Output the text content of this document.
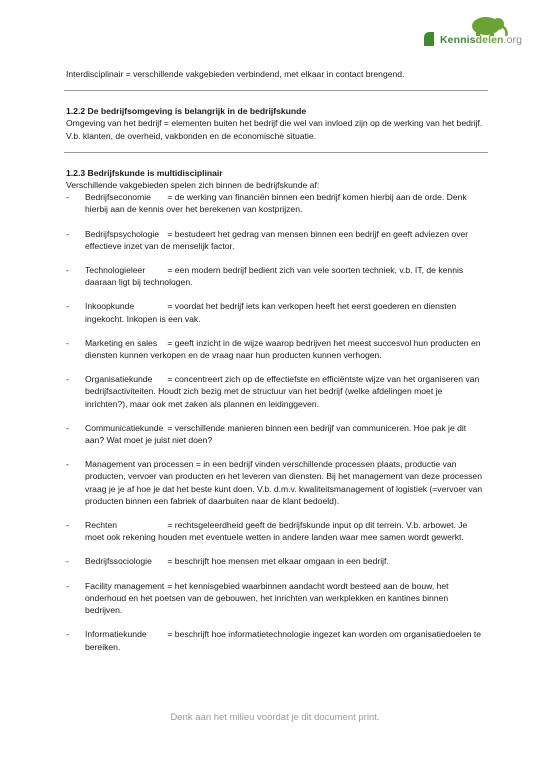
Kennisdelen.org

Interdisciplinair = verschillende vakgebieden verbindend, met elkaar in contact brengend.

1.2.2 De bedrijfsomgeving is belangrijk in de bedrijfskunde

Omgeving van het bedrijf = elementen buiten het bedrijf die wel van invloed zijn op de werking van het bedrijf. V.b. klanten, de overheid, vakbonden en de economische situatie.

1.2.3 Bedrijfskunde is multidisciplinair

Verschillende vakgebieden spelen zich binnen de bedrijfskunde af:

- Bedrijfseconomie = de werking van financiën binnen een bedrijf komen hierbij aan de orde. Denk hierbij aan de kennis over het berekenen van kostprijzen.
- Bedrijfspsychologie = bestudeert het gedrag van mensen binnen een bedrijf en geeft adviezen over effectieve inzet van de menselijk factor.
- Technologieleer	= een modern bedrijf bedient zich van vele soorten techniek, v.b. IT, de kennis daaraan ligt bij technologen.
- Inkoopkunde	= voordat het bedrijf iets kan verkopen heeft het eerst goederen en diensten ingekocht. Inkopen is een vak.
- Marketing en sales = geeft inzicht in de wijze waarop bedrijven het meest succesvol hun producten en diensten kunnen verkopen en de vraag naar hun producten kunnen verhogen.
- Organisatiekunde = concentreert zich op de effectiefste en efficiëntste wijze van het organiseren van bedrijfsactiviteiten. Houdt zich bezig met de structuur van het bedrijf (welke afdelingen moet je inrichten?), maar ook met zaken als plannen en leidinggeven.
- Communicatiekunde = verschillende manieren binnen een bedrijf van communiceren. Hoe pak je dit aan? Wat moet je juist niet doen?
- Management van processen = in een bedrijf vinden verschillende processen plaats, productie van producten, vervoer van producten en het leveren van diensten. Bij het management van deze processen vraag je je af hoe je dat het beste kunt doen. V.b. d.m.v. kwaliteitsmanagement of logistiek (=vervoer van producten binnen een fabriek of daarbuiten naar de klant bedoeld).
- Rechten	= rechtsgeleerdheid geeft de bedrijfskunde input op dit terrein. V.b. arbowet. Je moet ook rekening houden met eventuele wetten in andere landen waar mee samen wordt gewerkt.
- Bedrijfssociologie = beschrijft hoe mensen met elkaar omgaan in een bedrijf.
- Facility management = het kennisgebied waarbinnen aandacht wordt besteed aan de bouw, het onderhoud en het poetsen van de gebouwen, het inrichten van werkplekken en kantines binnen bedrijven.
- Informatiekunde = beschrijft hoe informatietechnologie ingezet kan worden om organisatiedoelen te bereiken.
Denk aan het milieu voordat je dit document print.
